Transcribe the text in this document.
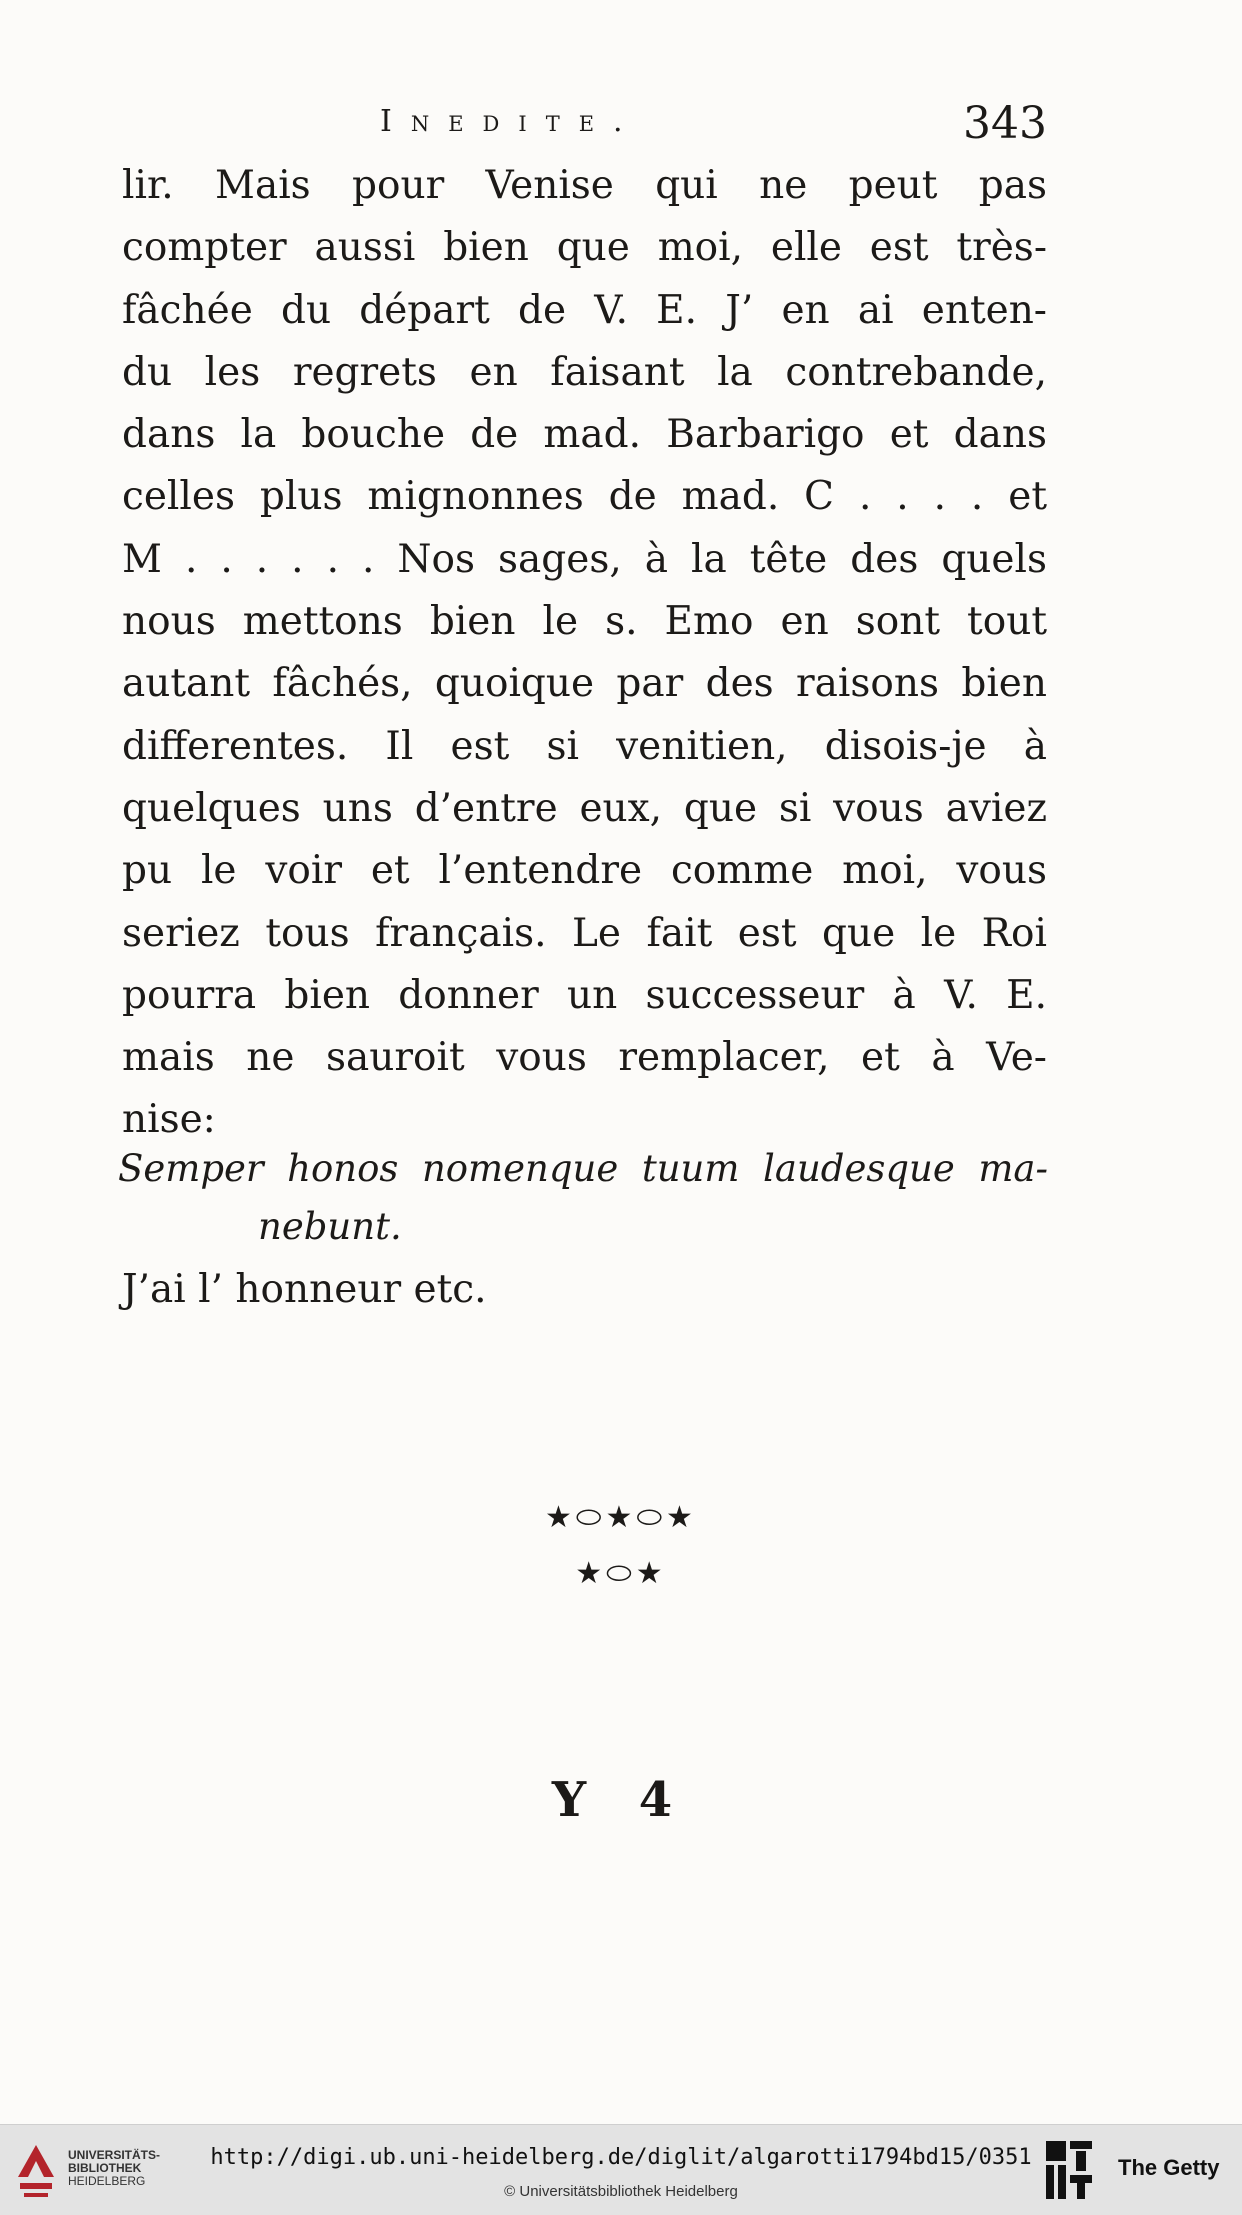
Inedite.	343
lir. Mais pour Venise qui ne peut pas
compter aussi bien que moi, elle est très-
fâchée du départ de V. E. J’ en ai enten-
du les regrets en faisant la contrebande,
dans la bouche de mad. Barbarigo et dans
celles plus mignonnes de mad. C . . . . et
M . . . . . . Nos sages, à la tête des quels
nous mettons bien le s. Emo en sont tout
autant fâchés, quoique par des raisons bien
differentes. Il est si venitien, disois-je à
quelques uns d’entre eux, que si vous aviez
pu le voir et l’entendre comme moi, vous
seriez tous français. Le fait est que le Roi
pourra bien donner un successeur à V. E.
mais ne sauroit vous remplacer, et à Ve-
nise:
Semper honos nomenque tuum laudesque ma-
nebunt.
J’ai l’ honneur etc.
★⬭★⬭★
★⬭★
Y 4
UNIVERSITÄTS-
BIBLIOTHEK
HEIDELBERG
http://digi.ub.uni-heidelberg.de/diglit/algarotti1794bd15/0351
© Universitätsbibliothek Heidelberg
The Getty
